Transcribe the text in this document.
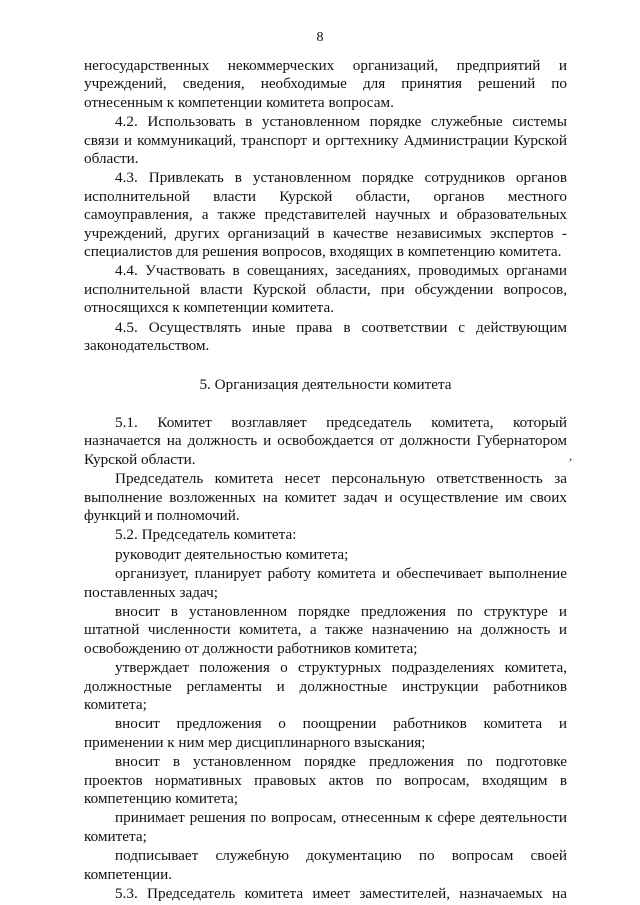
8
,

негосударственных некоммерческих организаций, предприятий и учреждений, сведения, необходимые для принятия решений по отнесенным к компетенции комитета вопросам.

4.2. Использовать в установленном порядке служебные системы связи и коммуникаций, транспорт и оргтехнику Администрации Курской области.

4.3. Привлекать в установленном порядке сотрудников органов исполнительной власти Курской области, органов местного самоуправления, а также представителей научных и образовательных учреждений, других организаций в качестве независимых экспертов - специалистов для решения вопросов, входящих в компетенцию комитета.

4.4. Участвовать в совещаниях, заседаниях, проводимых органами исполнительной власти Курской области, при обсуждении вопросов, относящихся к компетенции комитета.

4.5. Осуществлять иные права в соответствии с действующим законодательством.

5. Организация деятельности комитета

5.1. Комитет возглавляет председатель комитета, который назначается на должность и освобождается от должности Губернатором Курской области.

Председатель комитета несет персональную ответственность за выполнение возложенных на комитет задач и осуществление им своих функций и полномочий.

5.2. Председатель комитета:

руководит деятельностью комитета;

организует, планирует работу комитета и обеспечивает выполнение поставленных задач;

вносит в установленном порядке предложения по структуре и штатной численности комитета, а также назначению на должность и освобождению от должности работников комитета;

утверждает положения о структурных подразделениях комитета, должностные регламенты и должностные инструкции работников комитета;

вносит предложения о поощрении работников комитета и применении к ним мер дисциплинарного взыскания;

вносит в установленном порядке предложения по подготовке проектов нормативных правовых актов по вопросам, входящим в компетенцию комитета;

принимает решения по вопросам, отнесенным к сфере деятельности комитета;

подписывает служебную документацию по вопросам своей компетенции.

5.3. Председатель комитета имеет заместителей, назначаемых на
